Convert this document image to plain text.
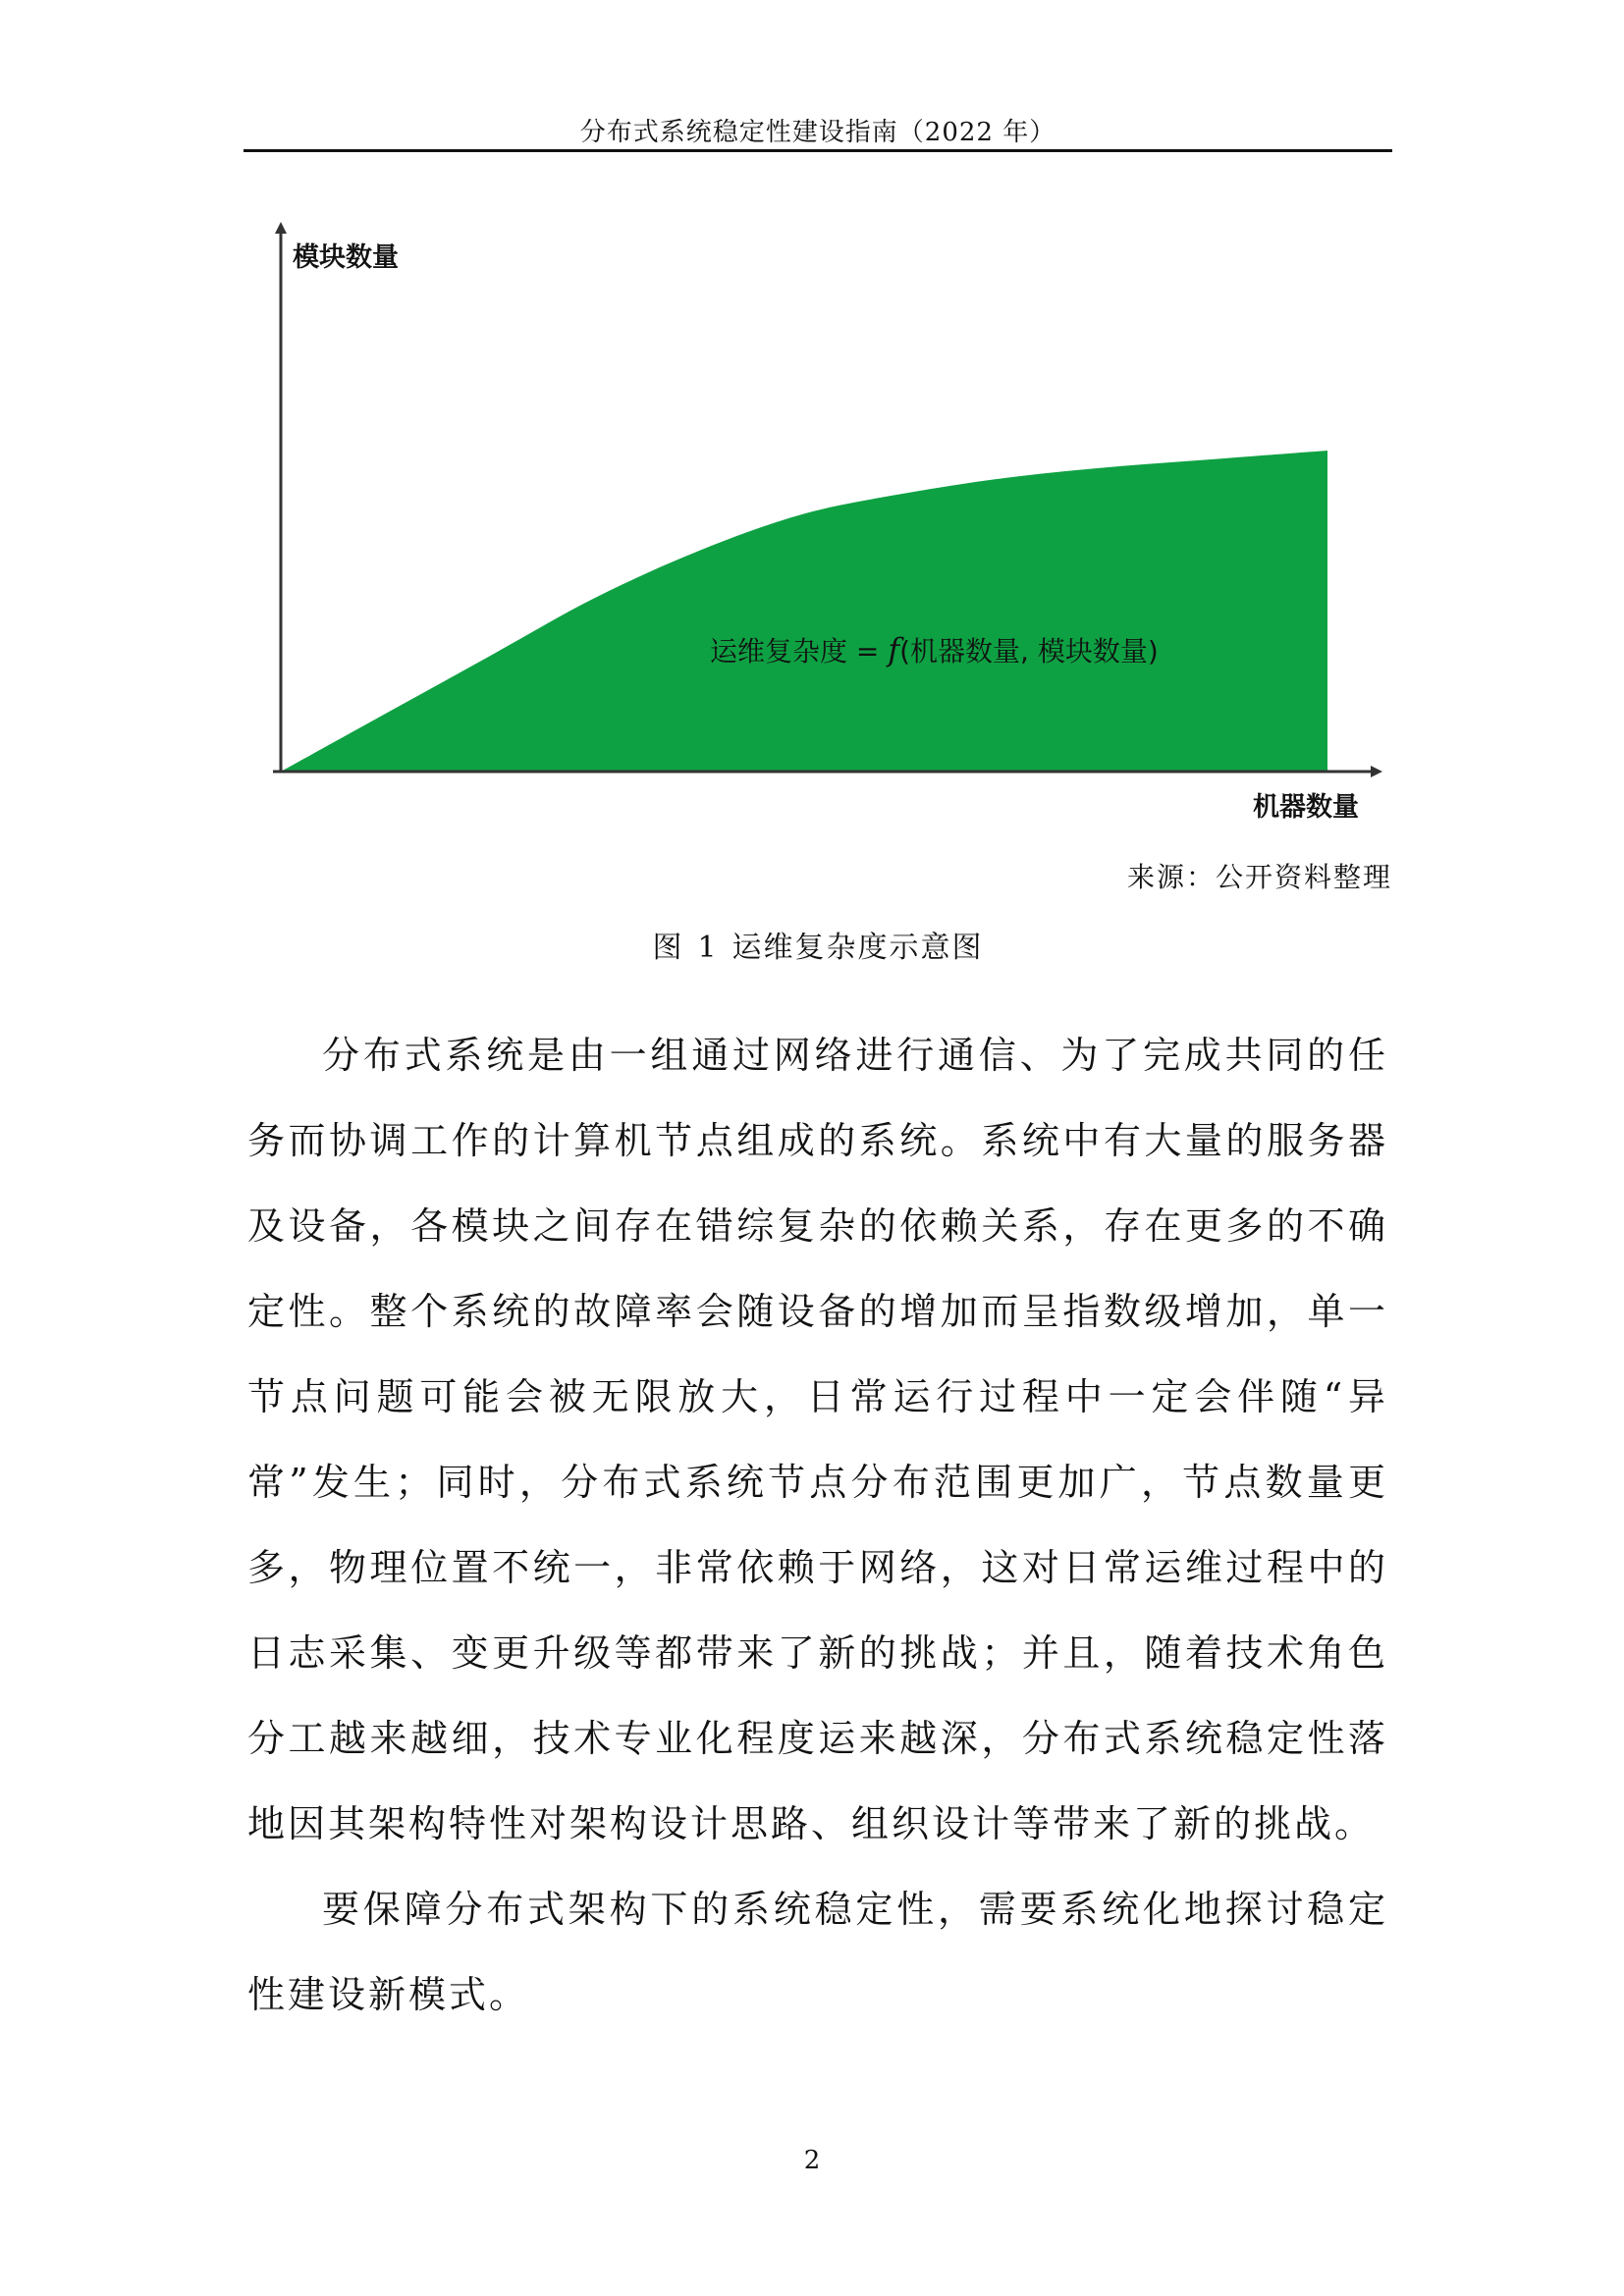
分布式系统稳定性建设指南（2022 年）
模块数量
机器数量
运维复杂度 = f(机器数量, 模块数量)
来源：公开资料整理
图 1 运维复杂度示意图

分布式系统是由一组通过网络进行通信、为了完成共同的任务而协调工作的计算机节点组成的系统。系统中有大量的服务器及设备，各模块之间存在错综复杂的依赖关系，存在更多的不确定性。整个系统的故障率会随设备的增加而呈指数级增加，单一节点问题可能会被无限放大，日常运行过程中一定会伴随“异常”发生；同时，分布式系统节点分布范围更加广，节点数量更多，物理位置不统一，非常依赖于网络，这对日常运维过程中的日志采集、变更升级等都带来了新的挑战；并且，随着技术角色分工越来越细，技术专业化程度运来越深，分布式系统稳定性落地因其架构特性对架构设计思路、组织设计等带来了新的挑战。

要保障分布式架构下的系统稳定性，需要系统化地探讨稳定性建设新模式。

2
